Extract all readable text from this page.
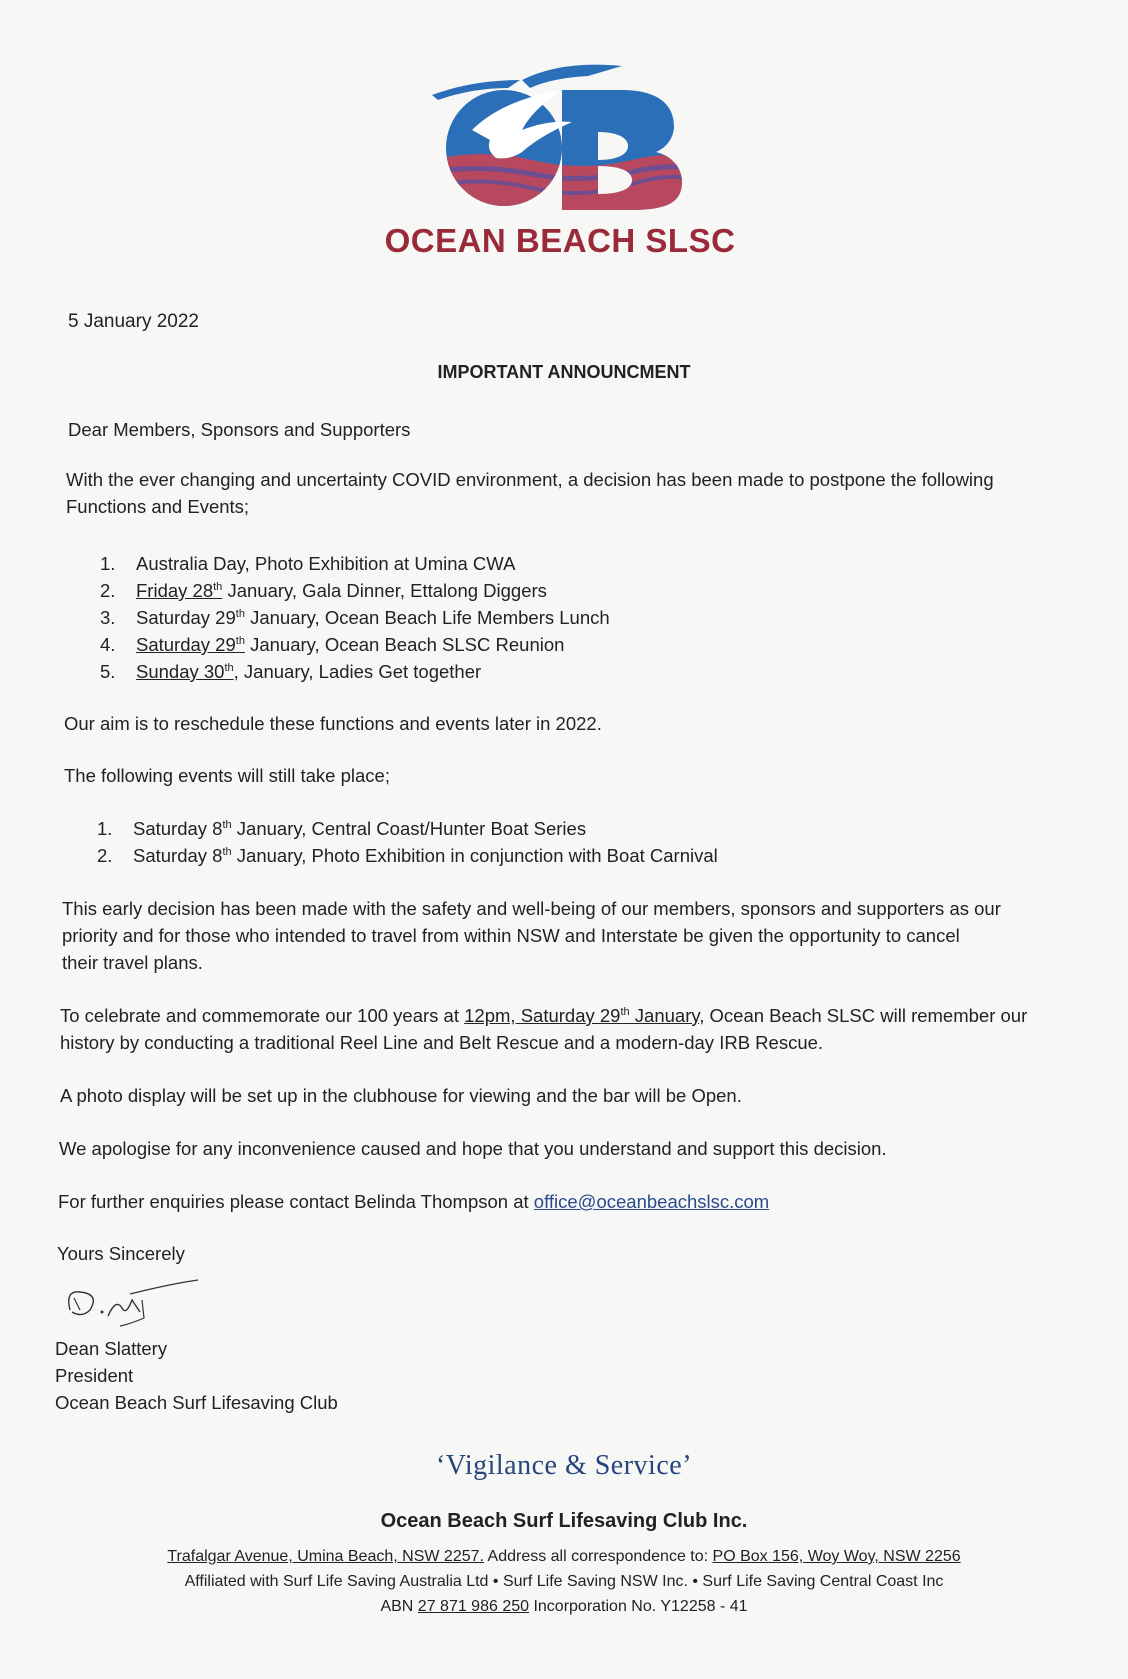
OCEAN BEACH SLSC
5 January 2022
IMPORTANT ANNOUNCMENT
Dear Members, Sponsors and Supporters
With the ever changing and uncertainty COVID environment, a decision has been made to postpone the following
Functions and Events;
1. Australia Day, Photo Exhibition at Umina CWA
2. Friday 28th January, Gala Dinner, Ettalong Diggers
3. Saturday 29th January, Ocean Beach Life Members Lunch
4. Saturday 29th January, Ocean Beach SLSC Reunion
5. Sunday 30th, January, Ladies Get together
Our aim is to reschedule these functions and events later in 2022.
The following events will still take place;
1. Saturday 8th January, Central Coast/Hunter Boat Series
2. Saturday 8th January, Photo Exhibition in conjunction with Boat Carnival
This early decision has been made with the safety and well-being of our members, sponsors and supporters as our
priority and for those who intended to travel from within NSW and Interstate be given the opportunity to cancel
their travel plans.
To celebrate and commemorate our 100 years at 12pm, Saturday 29th January, Ocean Beach SLSC will remember our
history by conducting a traditional Reel Line and Belt Rescue and a modern-day IRB Rescue.
A photo display will be set up in the clubhouse for viewing and the bar will be Open.
We apologise for any inconvenience caused and hope that you understand and support this decision.
For further enquiries please contact Belinda Thompson at office@oceanbeachslsc.com
Yours Sincerely
Dean Slattery
President
Ocean Beach Surf Lifesaving Club
‘Vigilance & Service’
Ocean Beach Surf Lifesaving Club Inc.
Trafalgar Avenue, Umina Beach, NSW 2257. Address all correspondence to: PO Box 156, Woy Woy, NSW 2256
Affiliated with Surf Life Saving Australia Ltd • Surf Life Saving NSW Inc. • Surf Life Saving Central Coast Inc
ABN 27 871 986 250 Incorporation No. Y12258 - 41
